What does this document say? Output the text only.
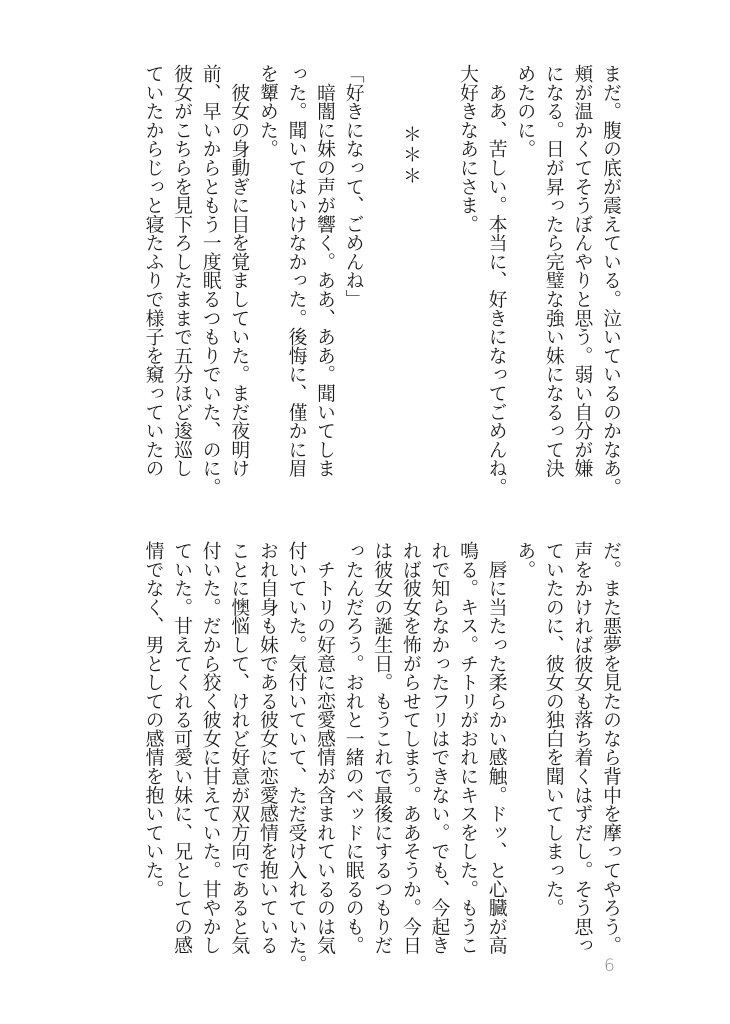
まだ。腹の底が震えている。泣いているのかなあ。
頬が温かくてそうぼんやりと思う。弱い自分が嫌
になる。日が昇ったら完璧な強い妹になるって決
めたのに。
　ああ、苦しい。本当に、好きになってごめんね。
大好きなあにさま。
＊＊＊
「好きになって、ごめんね」
　暗闇に妹の声が響く。ああ、ああ。聞いてしま
った。聞いてはいけなかった。後悔に、僅かに眉
を顰めた。
　彼女の身動ぎに目を覚ましていた。まだ夜明け
前、早いからともう一度眠るつもりでいた、のに。
彼女がこちらを見下ろしたままで五分ほど逡巡し
ていたからじっと寝たふりで様子を窺っていたの
だ。また悪夢を見たのなら背中を摩ってやろう。
声をかければ彼女も落ち着くはずだし。そう思っ
ていたのに、彼女の独白を聞いてしまった。
あ。
　唇に当たった柔らかい感触。ドッ、と心臓が高
鳴る。キス。チトリがおれにキスをした。もうこ
れで知らなかったフリはできない。でも、今起き
れば彼女を怖がらせてしまう。ああそうか。今日
は彼女の誕生日。もうこれで最後にするつもりだ
ったんだろう。おれと一緒のベッドに眠るのも。
　チトリの好意に恋愛感情が含まれているのは気
付いていた。気付いていて、ただ受け入れていた。
おれ自身も妹である彼女に恋愛感情を抱いている
ことに懊悩して、けれど好意が双方向であると気
付いた。だから狡く彼女に甘えていた。甘やかし
ていた。甘えてくれる可愛い妹に、兄としての感
情でなく、男としての感情を抱いていた。
6
